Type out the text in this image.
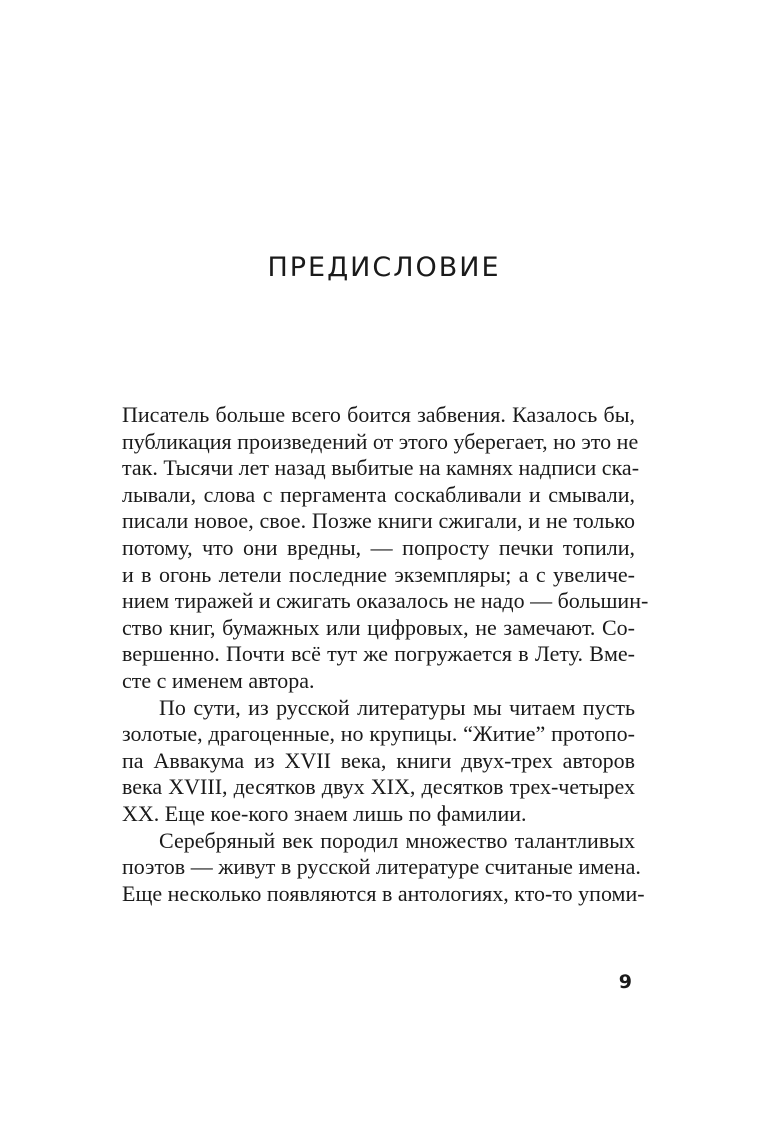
ПРЕДИСЛОВИЕ
Писатель больше всего боится забвения. Казалось бы,
публикация произведений от этого уберегает, но это не
так. Тысячи лет назад выбитые на камнях надписи ска-
лывали, слова с пергамента соскабливали и смывали,
писали новое, свое. Позже книги сжигали, и не только
потому, что они вредны, — попросту печки топили,
и в огонь летели последние экземпляры; а с увеличе-
нием тиражей и сжигать оказалось не надо — большин-
ство книг, бумажных или цифровых, не замечают. Со-
вершенно. Почти всё тут же погружается в Лету. Вме-
сте с именем автора.
По сути, из русской литературы мы читаем пусть
золотые, драгоценные, но крупицы. “Житие” протопо-
па Аввакума из XVII века, книги двух-трех авторов
века XVIII, десятков двух XIX, десятков трех-четырех
XX. Еще кое-кого знаем лишь по фамилии.
Серебряный век породил множество талантливых
поэтов — живут в русской литературе считаные имена.
Еще несколько появляются в антологиях, кто-то упоми-

9
